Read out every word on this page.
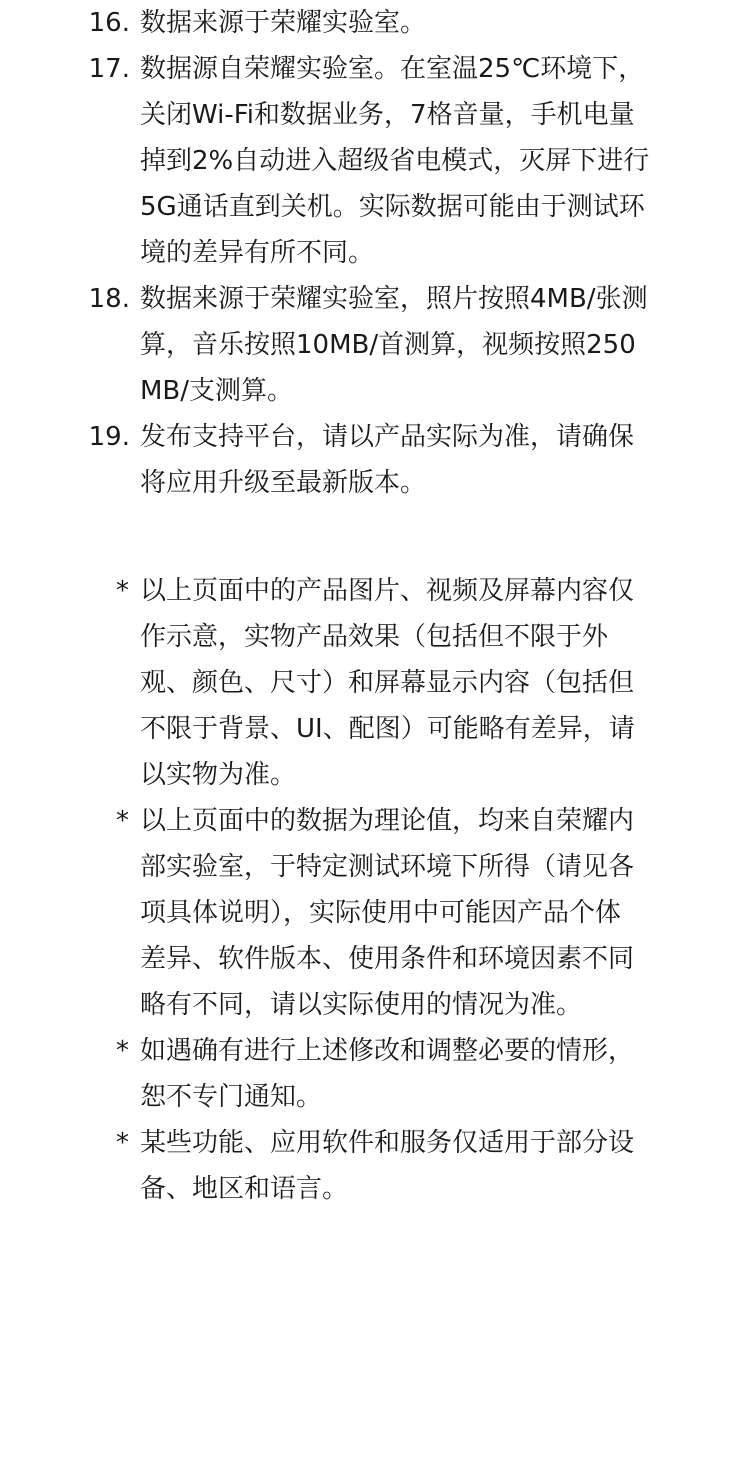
16. 数据来源于荣耀实验室。
17. 数据源自荣耀实验室。在室温25℃环境下，关闭Wi-Fi和数据业务，7格音量，手机电量掉到2%自动进入超级省电模式，灭屏下进行5G通话直到关机。实际数据可能由于测试环境的差异有所不同。
18. 数据来源于荣耀实验室，照片按照4MB/张测算，音乐按照10MB/首测算，视频按照250MB/支测算。
19. 发布支持平台，请以产品实际为准，请确保将应用升级至最新版本。
* 以上页面中的产品图片、视频及屏幕内容仅作示意，实物产品效果（包括但不限于外观、颜色、尺寸）和屏幕显示内容（包括但不限于背景、UI、配图）可能略有差异，请以实物为准。
* 以上页面中的数据为理论值，均来自荣耀内部实验室，于特定测试环境下所得（请见各项具体说明），实际使用中可能因产品个体差异、软件版本、使用条件和环境因素不同略有不同，请以实际使用的情况为准。
* 如遇确有进行上述修改和调整必要的情形，恕不专门通知。
* 某些功能、应用软件和服务仅适用于部分设备、地区和语言。
